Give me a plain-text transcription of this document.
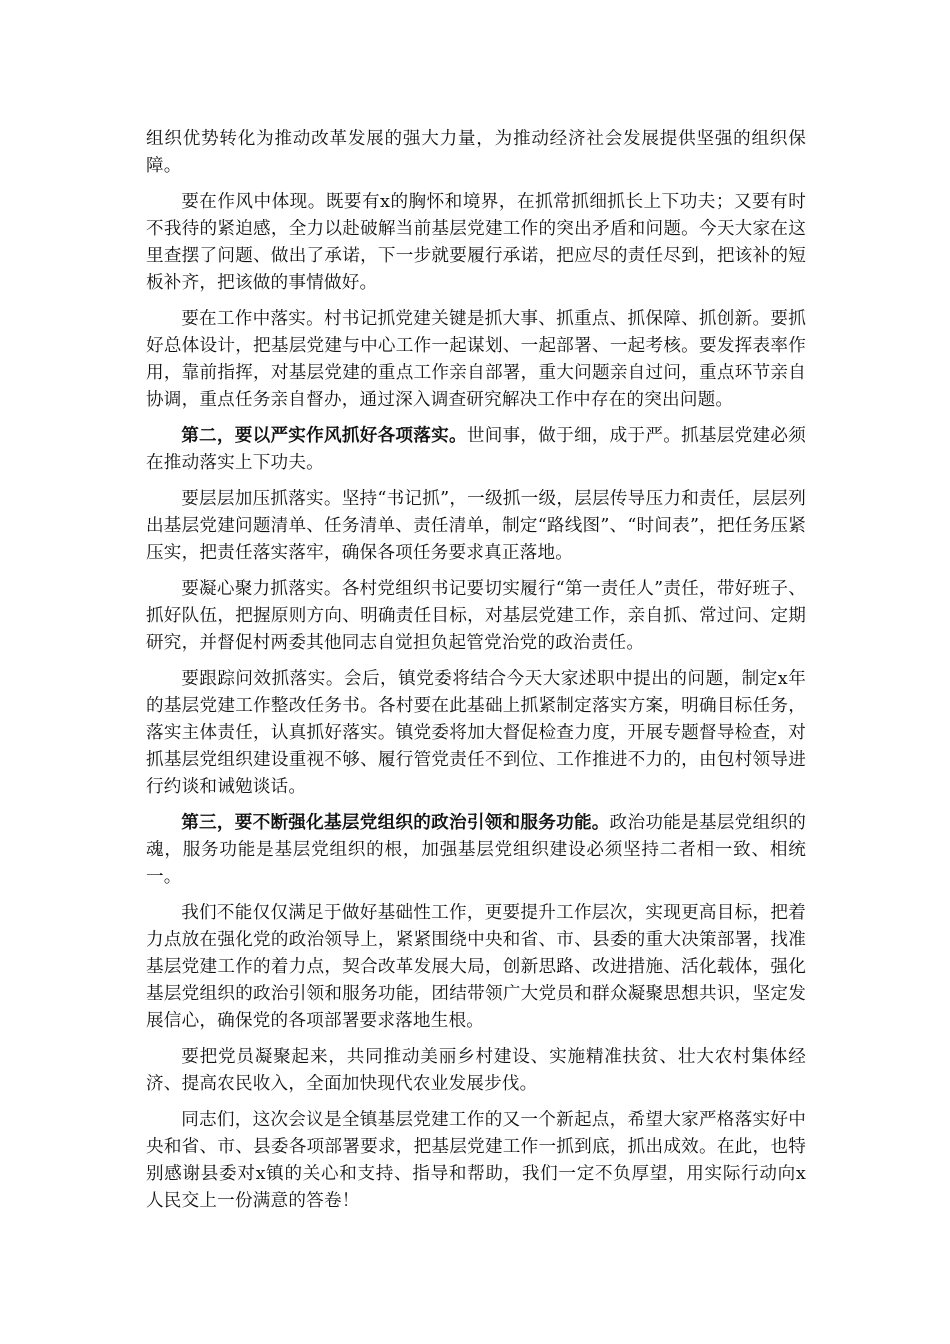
组织优势转化为推动改革发展的强大力量，为推动经济社会发展提供坚强的组织保障。

要在作风中体现。既要有x的胸怀和境界，在抓常抓细抓长上下功夫；又要有时不我待的紧迫感，全力以赴破解当前基层党建工作的突出矛盾和问题。今天大家在这里查摆了问题、做出了承诺，下一步就要履行承诺，把应尽的责任尽到，把该补的短板补齐，把该做的事情做好。

要在工作中落实。村书记抓党建关键是抓大事、抓重点、抓保障、抓创新。要抓好总体设计，把基层党建与中心工作一起谋划、一起部署、一起考核。要发挥表率作用，靠前指挥，对基层党建的重点工作亲自部署，重大问题亲自过问，重点环节亲自协调，重点任务亲自督办，通过深入调查研究解决工作中存在的突出问题。

第二，要以严实作风抓好各项落实。世间事，做于细，成于严。抓基层党建必须在推动落实上下功夫。

要层层加压抓落实。坚持“书记抓”，一级抓一级，层层传导压力和责任，层层列出基层党建问题清单、任务清单、责任清单，制定“路线图”、“时间表”，把任务压紧压实，把责任落实落牢，确保各项任务要求真正落地。

要凝心聚力抓落实。各村党组织书记要切实履行“第一责任人”责任，带好班子、抓好队伍，把握原则方向、明确责任目标，对基层党建工作，亲自抓、常过问、定期研究，并督促村两委其他同志自觉担负起管党治党的政治责任。

要跟踪问效抓落实。会后，镇党委将结合今天大家述职中提出的问题，制定x年的基层党建工作整改任务书。各村要在此基础上抓紧制定落实方案，明确目标任务，落实主体责任，认真抓好落实。镇党委将加大督促检查力度，开展专题督导检查，对抓基层党组织建设重视不够、履行管党责任不到位、工作推进不力的，由包村领导进行约谈和诫勉谈话。

第三，要不断强化基层党组织的政治引领和服务功能。政治功能是基层党组织的魂，服务功能是基层党组织的根，加强基层党组织建设必须坚持二者相一致、相统一。

我们不能仅仅满足于做好基础性工作，更要提升工作层次，实现更高目标，把着力点放在强化党的政治领导上，紧紧围绕中央和省、市、县委的重大决策部署，找准基层党建工作的着力点，契合改革发展大局，创新思路、改进措施、活化载体，强化基层党组织的政治引领和服务功能，团结带领广大党员和群众凝聚思想共识，坚定发展信心，确保党的各项部署要求落地生根。

要把党员凝聚起来，共同推动美丽乡村建设、实施精准扶贫、壮大农村集体经济、提高农民收入，全面加快现代农业发展步伐。

同志们，这次会议是全镇基层党建工作的又一个新起点，希望大家严格落实好中央和省、市、县委各项部署要求，把基层党建工作一抓到底，抓出成效。在此，也特别感谢县委对x镇的关心和支持、指导和帮助，我们一定不负厚望，用实际行动向x人民交上一份满意的答卷！
